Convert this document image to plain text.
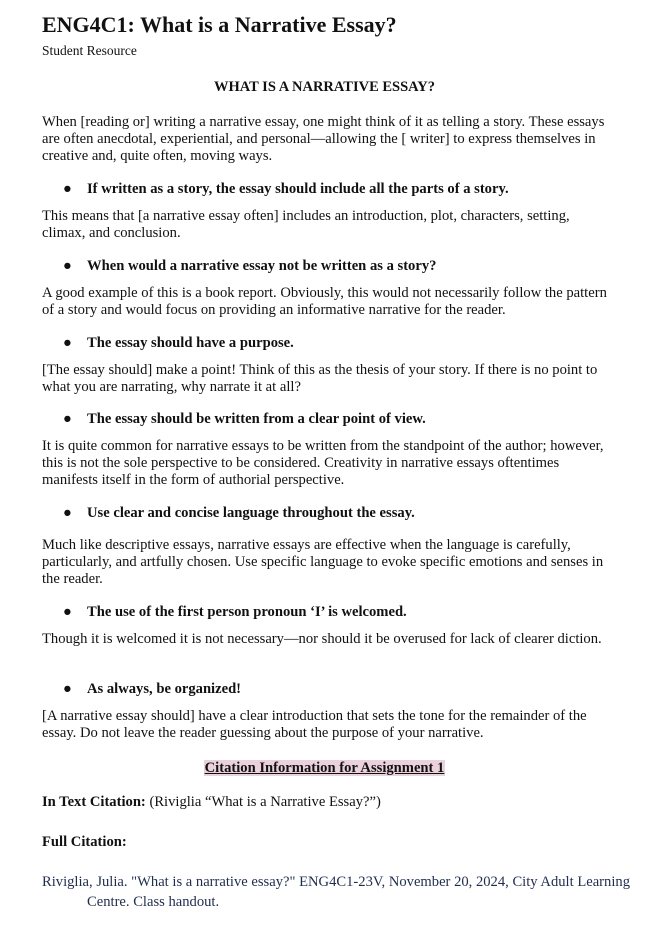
ENG4C1: What is a Narrative Essay?
Student Resource
WHAT IS A NARRATIVE ESSAY?
When [reading or] writing a narrative essay, one might think of it as telling a story. These essays are often anecdotal, experiential, and personal—allowing the [ writer] to express themselves in creative and, quite often, moving ways.
● If written as a story, the essay should include all the parts of a story.
This means that [a narrative essay often] includes an introduction, plot, characters, setting, climax, and conclusion.
● When would a narrative essay not be written as a story?
A good example of this is a book report. Obviously, this would not necessarily follow the pattern of a story and would focus on providing an informative narrative for the reader.
● The essay should have a purpose.
[The essay should] make a point! Think of this as the thesis of your story. If there is no point to what you are narrating, why narrate it at all?
● The essay should be written from a clear point of view.
It is quite common for narrative essays to be written from the standpoint of the author; however, this is not the sole perspective to be considered. Creativity in narrative essays oftentimes manifests itself in the form of authorial perspective.
● Use clear and concise language throughout the essay.
Much like descriptive essays, narrative essays are effective when the language is carefully, particularly, and artfully chosen. Use specific language to evoke specific emotions and senses in the reader.
● The use of the first person pronoun ‘I’ is welcomed.
Though it is welcomed it is not necessary—nor should it be overused for lack of clearer diction.
● As always, be organized!
[A narrative essay should] have a clear introduction that sets the tone for the remainder of the essay. Do not leave the reader guessing about the purpose of your narrative.
Citation Information for Assignment 1
In Text Citation: (Riviglia “What is a Narrative Essay?”)
Full Citation:
Riviglia, Julia. "What is a narrative essay?" ENG4C1-23V, November 20, 2024, City Adult Learning Centre. Class handout.
